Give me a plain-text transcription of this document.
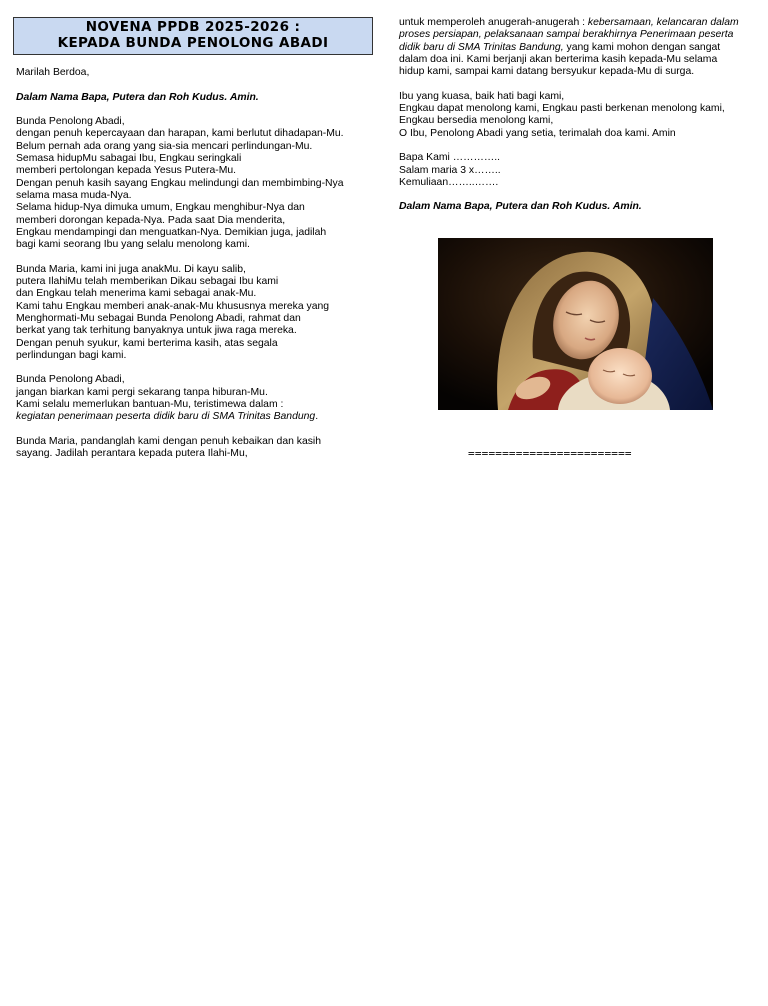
NOVENA PPDB 2025-2026 :
KEPADA BUNDA PENOLONG ABADI

Marilah Berdoa,

Dalam Nama Bapa, Putera dan Roh Kudus. Amin.

Bunda Penolong Abadi,
dengan penuh kepercayaan dan harapan, kami berlutut dihadapan-Mu.
Belum pernah ada orang yang sia-sia mencari perlindungan-Mu.
Semasa hidupMu sabagai Ibu, Engkau seringkali
memberi pertolongan kepada Yesus Putera-Mu.
Dengan penuh kasih sayang Engkau melindungi dan membimbing-Nya
selama masa muda-Nya.
Selama hidup-Nya dimuka umum, Engkau menghibur-Nya dan
memberi dorongan kepada-Nya. Pada saat Dia menderita,
Engkau mendampingi dan menguatkan-Nya. Demikian juga, jadilah
bagi kami seorang Ibu yang selalu menolong kami.
Bunda Maria, kami ini juga anakMu. Di kayu salib,
putera IlahiMu telah memberikan Dikau sebagai Ibu kami
dan Engkau telah menerima kami sebagai anak-Mu.
Kami tahu Engkau memberi anak-anak-Mu khususnya mereka yang
Menghormati-Mu sebagai Bunda Penolong Abadi, rahmat dan
berkat yang tak terhitung banyaknya untuk jiwa raga mereka.
Dengan penuh syukur, kami berterima kasih, atas segala
perlindungan bagi kami.
Bunda Penolong Abadi,
jangan biarkan kami pergi sekarang tanpa hiburan-Mu.
Kami selalu memerlukan bantuan-Mu, teristimewa dalam :
kegiatan penerimaan peserta didik baru di SMA Trinitas Bandung.
Bunda Maria, pandanglah kami dengan penuh kebaikan dan kasih
sayang. Jadilah perantara kepada putera Ilahi-Mu,
untuk memperoleh anugerah-anugerah : kebersamaan, kelancaran dalam
proses persiapan, pelaksanaan sampai berakhirnya Penerimaan peserta
didik baru di SMA Trinitas Bandung, yang kami mohon dengan sangat
dalam doa ini. Kami berjanji akan berterima kasih kepada-Mu selama
hidup kami, sampai kami datang bersyukur kepada-Mu di surga.
Ibu yang kuasa, baik hati bagi kami,
Engkau dapat menolong kami, Engkau pasti berkenan menolong kami,
Engkau bersedia menolong kami,
O Ibu, Penolong Abadi yang setia, terimalah doa kami. Amin
Bapa Kami …………..
Salam maria 3 x……..
Kemuliaan……..…….

Dalam Nama Bapa, Putera dan Roh Kudus. Amin.

========================
